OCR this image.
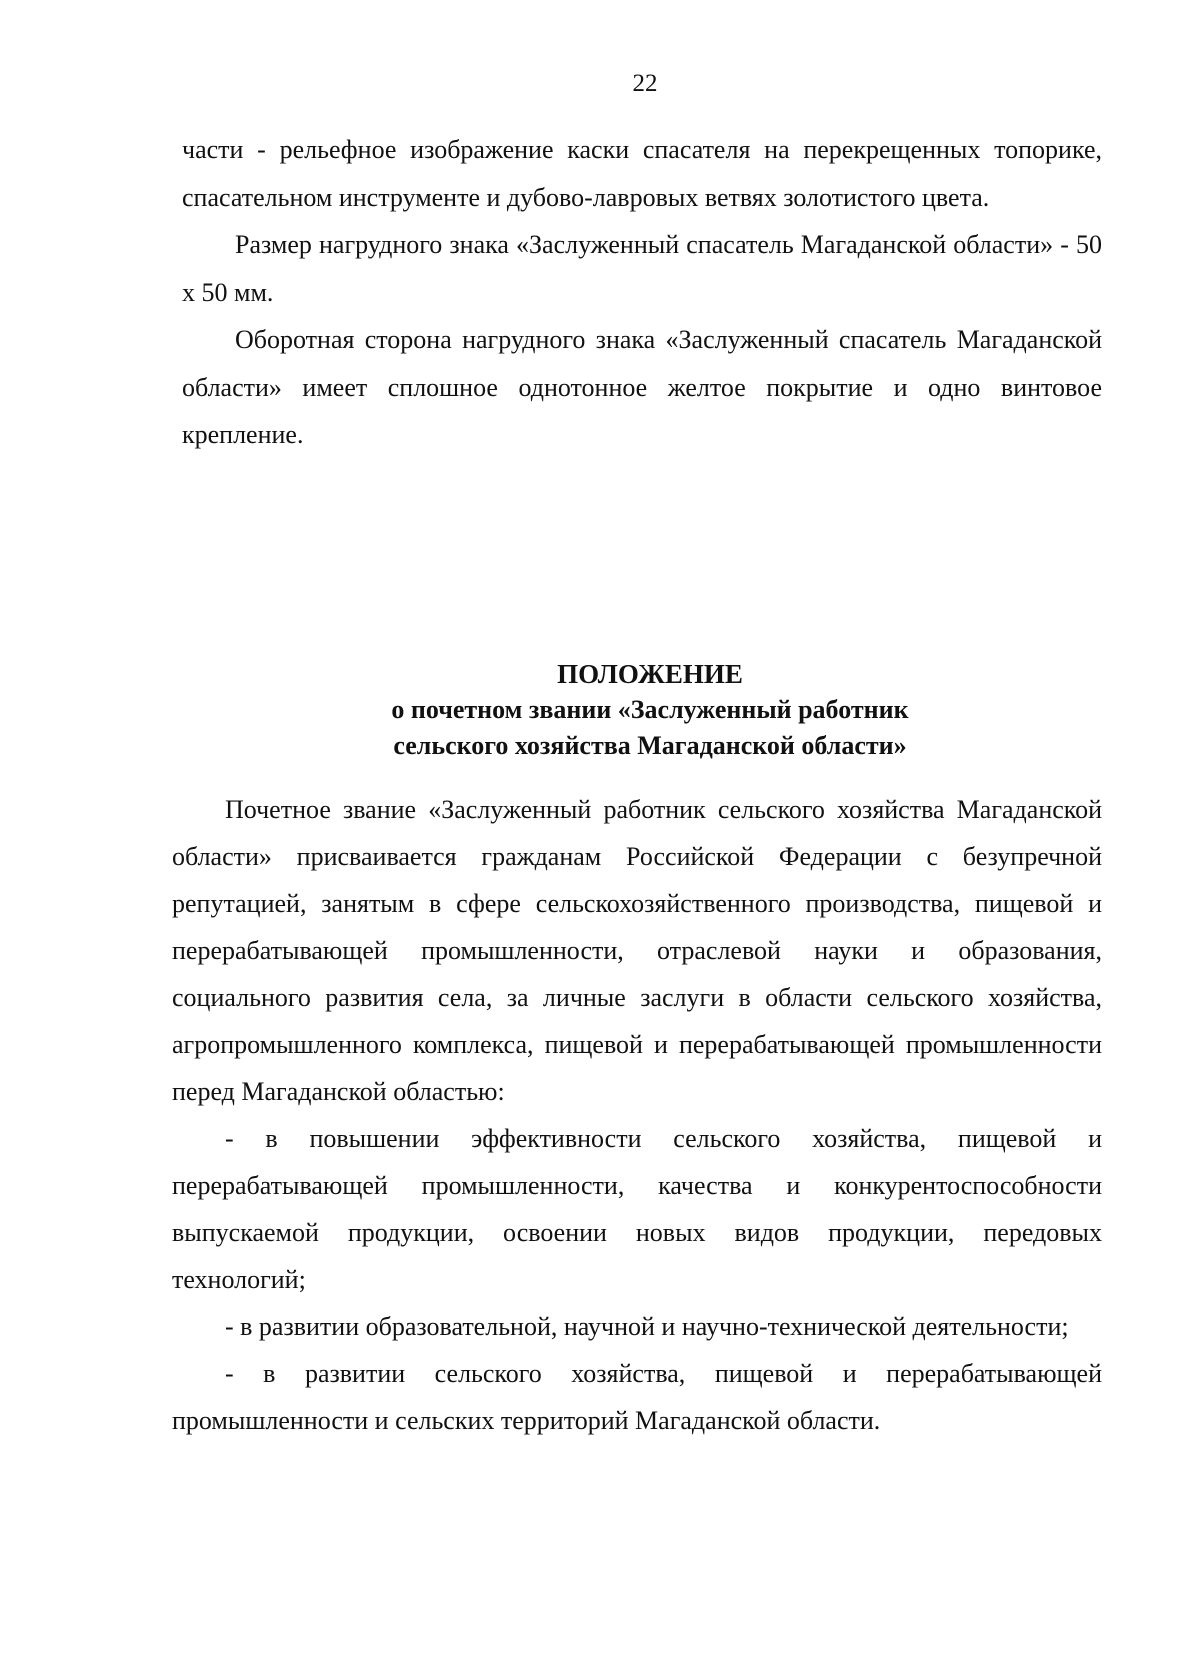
22

части - рельефное изображение каски спасателя на перекрещенных топорике, спасательном инструменте и дубово-лавровых ветвях золотистого цвета.

Размер нагрудного знака «Заслуженный спасатель Магаданской области» - 50 х 50 мм.

Оборотная сторона нагрудного знака «Заслуженный спасатель Магаданской области» имеет сплошное однотонное желтое покрытие и одно винтовое крепление.

ПОЛОЖЕНИЕ
о почетном звании «Заслуженный работник
сельского хозяйства Магаданской области»

Почетное звание «Заслуженный работник сельского хозяйства Магаданской области» присваивается гражданам Российской Федерации с безупречной репутацией, занятым в сфере сельскохозяйственного производства, пищевой и перерабатывающей промышленности, отраслевой науки и образования, социального развития села, за личные заслуги в области сельского хозяйства, агропромышленного комплекса, пищевой и перерабатывающей промышленности перед Магаданской областью:

- в повышении эффективности сельского хозяйства, пищевой и перерабатывающей промышленности, качества и конкурентоспособности выпускаемой продукции, освоении новых видов продукции, передовых технологий;

- в развитии образовательной, научной и научно-технической деятельности;

- в развитии сельского хозяйства, пищевой и перерабатывающей промышленности и сельских территорий Магаданской области.
